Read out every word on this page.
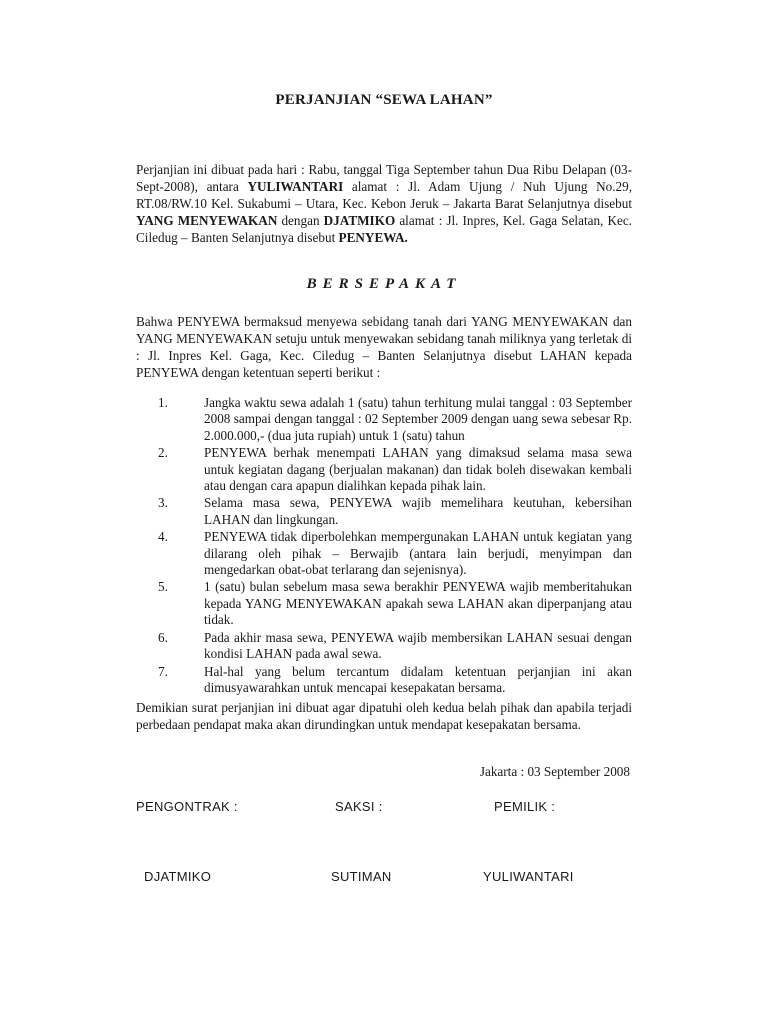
PERJANJIAN “SEWA LAHAN”
Perjanjian ini dibuat pada hari : Rabu, tanggal Tiga September tahun Dua Ribu Delapan (03-Sept-2008), antara YULIWANTARI alamat : Jl. Adam Ujung / Nuh Ujung No.29, RT.08/RW.10 Kel. Sukabumi – Utara, Kec. Kebon Jeruk – Jakarta Barat Selanjutnya disebut YANG MENYEWAKAN dengan DJATMIKO alamat : Jl. Inpres, Kel. Gaga Selatan, Kec. Ciledug – Banten Selanjutnya disebut PENYEWA.
BERSEPAKAT
Bahwa PENYEWA bermaksud menyewa sebidang tanah dari YANG MENYEWAKAN dan YANG MENYEWAKAN setuju untuk menyewakan sebidang tanah miliknya yang terletak di : Jl. Inpres Kel. Gaga, Kec. Ciledug – Banten Selanjutnya disebut LAHAN kepada PENYEWA dengan ketentuan seperti berikut :
1.	Jangka waktu sewa adalah 1 (satu) tahun terhitung mulai tanggal : 03 September 2008 sampai dengan tanggal : 02 September 2009 dengan uang sewa sebesar Rp. 2.000.000,- (dua juta rupiah) untuk 1 (satu) tahun
2.	PENYEWA berhak menempati LAHAN yang dimaksud selama masa sewa untuk kegiatan dagang (berjualan makanan) dan tidak boleh disewakan kembali atau dengan cara apapun dialihkan kepada pihak lain.
3.	Selama masa sewa, PENYEWA wajib memelihara keutuhan, kebersihan LAHAN dan lingkungan.
4.	PENYEWA tidak diperbolehkan mempergunakan LAHAN untuk kegiatan yang dilarang oleh pihak – Berwajib (antara lain berjudi, menyimpan dan mengedarkan obat-obat terlarang dan sejenisnya).
5.	1 (satu) bulan sebelum masa sewa berakhir PENYEWA wajib memberitahukan kepada YANG MENYEWAKAN apakah sewa LAHAN akan diperpanjang atau tidak.
6.	Pada akhir masa sewa, PENYEWA wajib membersikan LAHAN sesuai dengan kondisi LAHAN pada awal sewa.
7.	Hal-hal yang belum tercantum didalam ketentuan perjanjian ini akan dimusyawarahkan untuk mencapai kesepakatan bersama.
Demikian surat perjanjian ini dibuat agar dipatuhi oleh kedua belah pihak dan apabila terjadi perbedaan pendapat maka akan dirundingkan untuk mendapat kesepakatan bersama.
Jakarta : 03 September 2008
PENGONTRAK :	SAKSI :	PEMILIK :
DJATMIKO	SUTIMAN	YULIWANTARI
